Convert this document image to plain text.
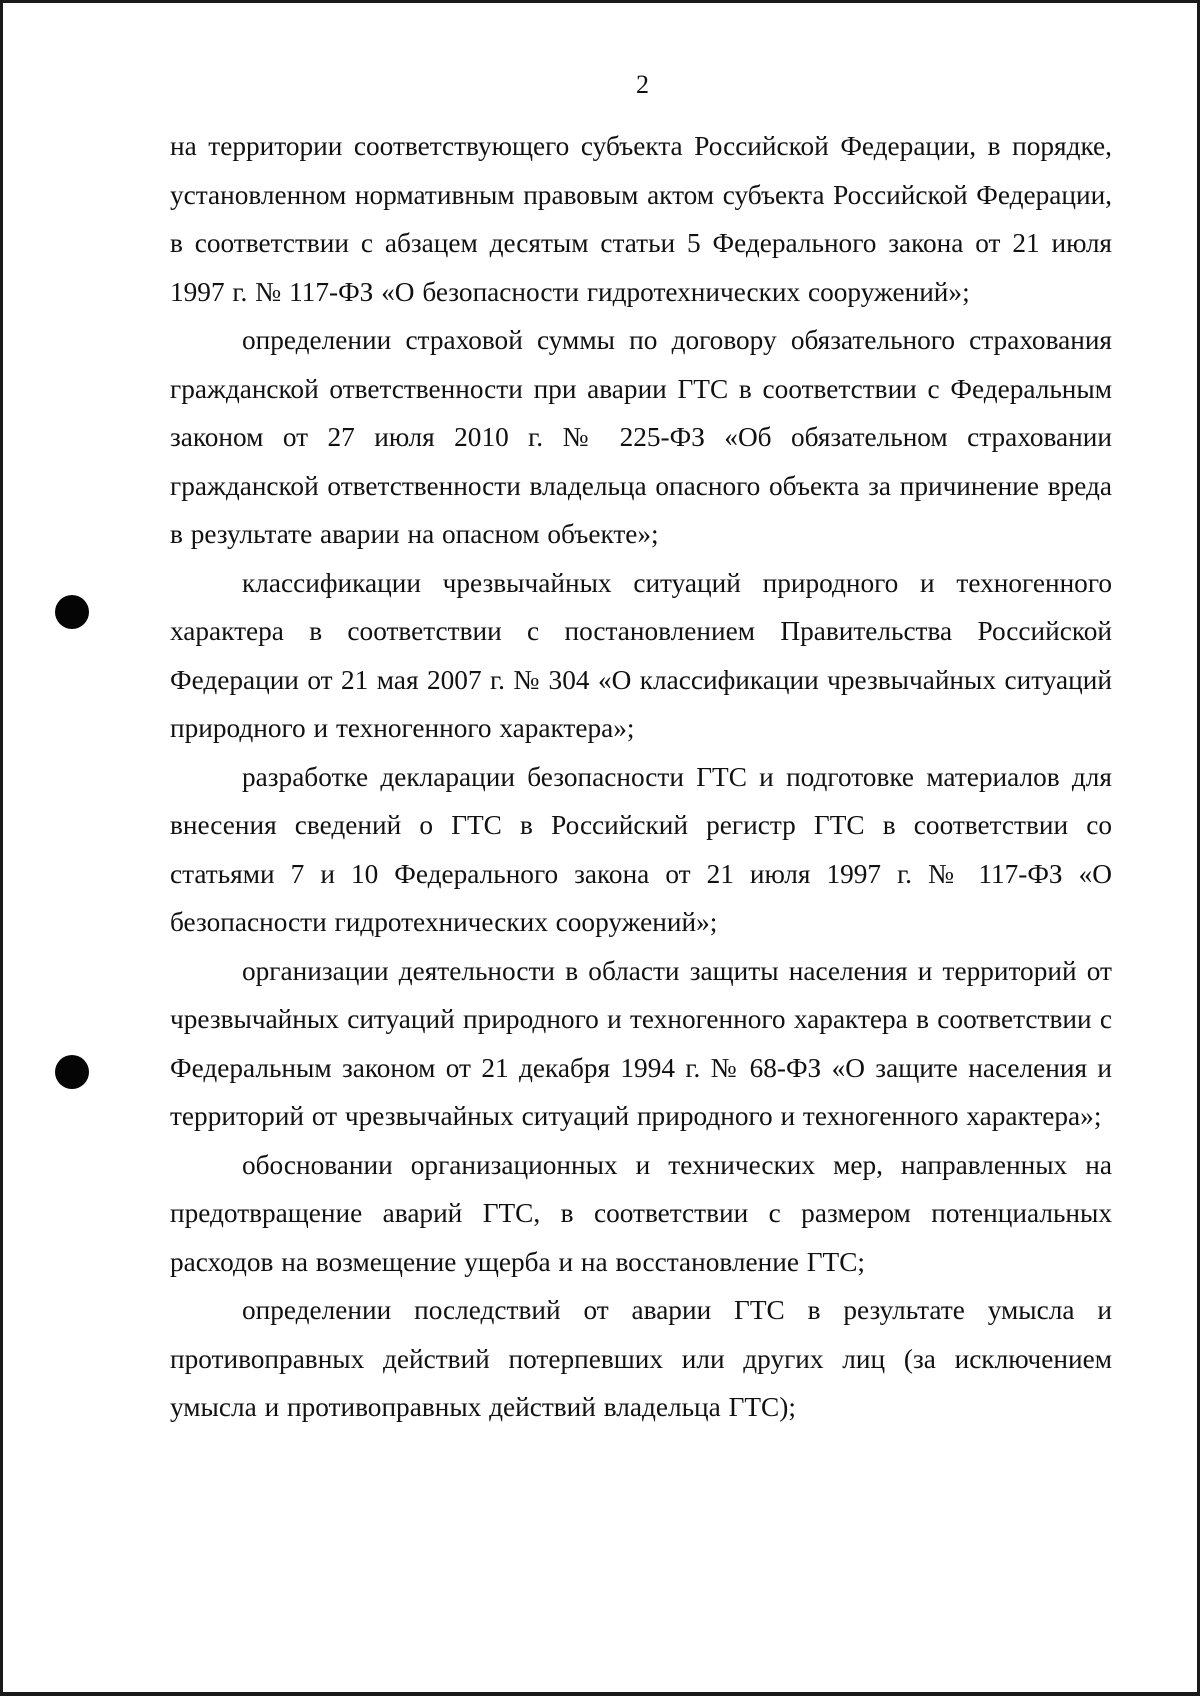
2

на территории соответствующего субъекта Российской Федерации, в порядке, установленном нормативным правовым актом субъекта Российской Федерации, в соответствии с абзацем десятым статьи 5 Федерального закона от 21 июля 1997 г. № 117-ФЗ «О безопасности гидротехнических сооружений»;

определении страховой суммы по договору обязательного страхования гражданской ответственности при аварии ГТС в соответствии с Федеральным законом от 27 июля 2010 г. № 225-ФЗ «Об обязательном страховании гражданской ответственности владельца опасного объекта за причинение вреда в результате аварии на опасном объекте»;

классификации чрезвычайных ситуаций природного и техногенного характера в соответствии с постановлением Правительства Российской Федерации от 21 мая 2007 г. № 304 «О классификации чрезвычайных ситуаций природного и техногенного характера»;

разработке декларации безопасности ГТС и подготовке материалов для внесения сведений о ГТС в Российский регистр ГТС в соответствии со статьями 7 и 10 Федерального закона от 21 июля 1997 г. № 117-ФЗ «О безопасности гидротехнических сооружений»;

организации деятельности в области защиты населения и территорий от чрезвычайных ситуаций природного и техногенного характера в соответствии с Федеральным законом от 21 декабря 1994 г. № 68-ФЗ «О защите населения и территорий от чрезвычайных ситуаций природного и техногенного характера»;

обосновании организационных и технических мер, направленных на предотвращение аварий ГТС, в соответствии с размером потенциальных расходов на возмещение ущерба и на восстановление ГТС;

определении последствий от аварии ГТС в результате умысла и противоправных действий потерпевших или других лиц (за исключением умысла и противоправных действий владельца ГТС);
